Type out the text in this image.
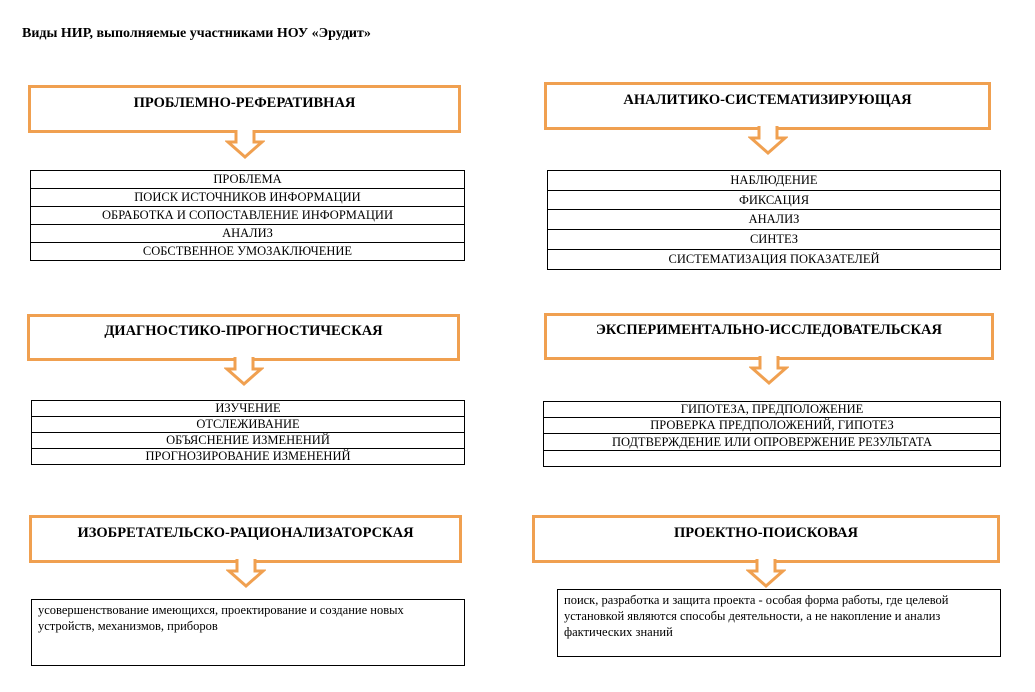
Виды НИР, выполняемые участниками НОУ «Эрудит»
ПРОБЛЕМНО-РЕФЕРАТИВНАЯ
ПРОБЛЕМА
ПОИСК ИСТОЧНИКОВ ИНФОРМАЦИИ
ОБРАБОТКА И СОПОСТАВЛЕНИЕ ИНФОРМАЦИИ
АНАЛИЗ
СОБСТВЕННОЕ УМОЗАКЛЮЧЕНИЕ
АНАЛИТИКО-СИСТЕМАТИЗИРУЮЩАЯ
НАБЛЮДЕНИЕ
ФИКСАЦИЯ
АНАЛИЗ
СИНТЕЗ
СИСТЕМАТИЗАЦИЯ ПОКАЗАТЕЛЕЙ
ДИАГНОСТИКО-ПРОГНОСТИЧЕСКАЯ
ИЗУЧЕНИЕ
ОТСЛЕЖИВАНИЕ
ОБЪЯСНЕНИЕ ИЗМЕНЕНИЙ
ПРОГНОЗИРОВАНИЕ ИЗМЕНЕНИЙ
ЭКСПЕРИМЕНТАЛЬНО-ИССЛЕДОВАТЕЛЬСКАЯ
ГИПОТЕЗА, ПРЕДПОЛОЖЕНИЕ
ПРОВЕРКА ПРЕДПОЛОЖЕНИЙ, ГИПОТЕЗ
ПОДТВЕРЖДЕНИЕ ИЛИ ОПРОВЕРЖЕНИЕ РЕЗУЛЬТАТА
ИЗОБРЕТАТЕЛЬСКО-РАЦИОНАЛИЗАТОРСКАЯ
усовершенствование имеющихся, проектирование и создание новых устройств, механизмов, приборов
ПРОЕКТНО-ПОИСКОВАЯ
поиск, разработка и защита проекта - особая форма работы, где целевой установкой являются способы деятельности, а не накопление и анализ фактических знаний
